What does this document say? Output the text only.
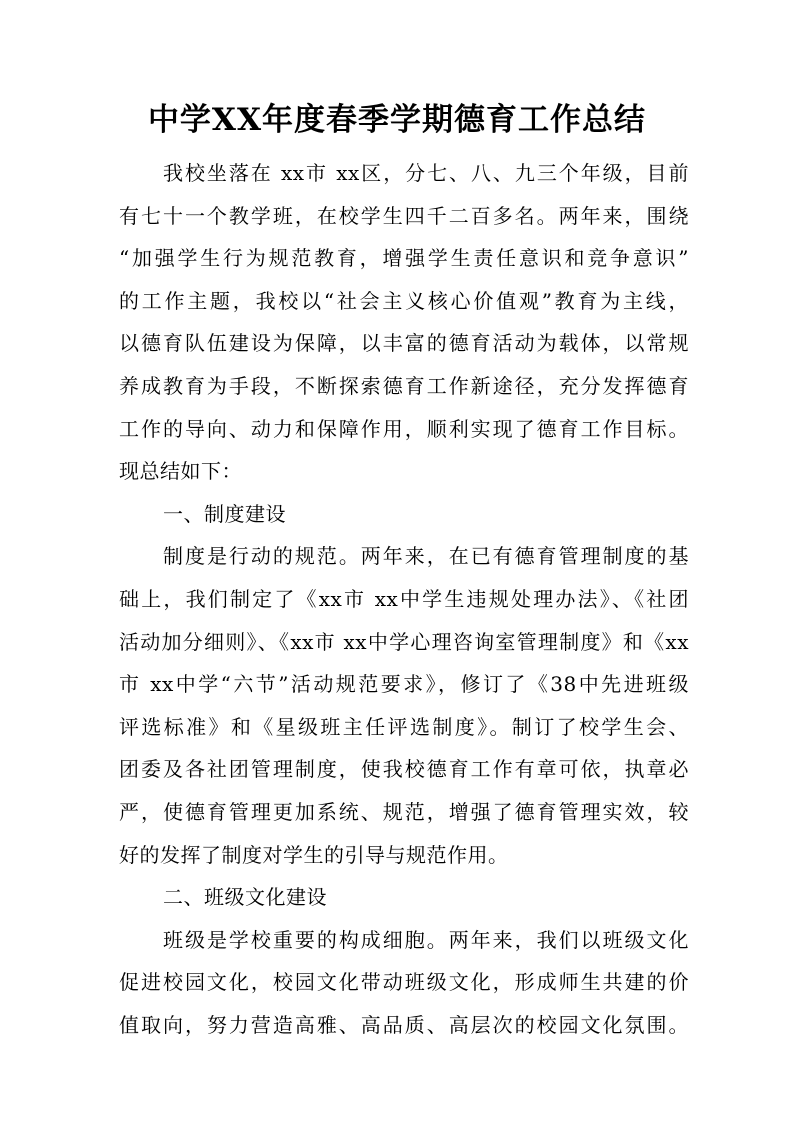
中学XX年度春季学期德育工作总结
我校坐落在 xx市 xx区，分七、八、九三个年级，目前
有七十一个教学班，在校学生四千二百多名。两年来，围绕
“加强学生行为规范教育，增强学生责任意识和竞争意识”
的工作主题，我校以“社会主义核心价值观”教育为主线，
以德育队伍建设为保障，以丰富的德育活动为载体，以常规
养成教育为手段，不断探索德育工作新途径，充分发挥德育
工作的导向、动力和保障作用，顺利实现了德育工作目标。
现总结如下：
一、制度建设
制度是行动的规范。两年来，在已有德育管理制度的基
础上，我们制定了《xx市 xx中学生违规处理办法》、《社团
活动加分细则》、《xx市 xx中学心理咨询室管理制度》和《xx
市 xx中学“六节”活动规范要求》，修订了《38中先进班级
评选标准》和《星级班主任评选制度》。制订了校学生会、
团委及各社团管理制度，使我校德育工作有章可依，执章必
严，使德育管理更加系统、规范，增强了德育管理实效，较
好的发挥了制度对学生的引导与规范作用。
二、班级文化建设
班级是学校重要的构成细胞。两年来，我们以班级文化
促进校园文化，校园文化带动班级文化，形成师生共建的价
值取向，努力营造高雅、高品质、高层次的校园文化氛围。
